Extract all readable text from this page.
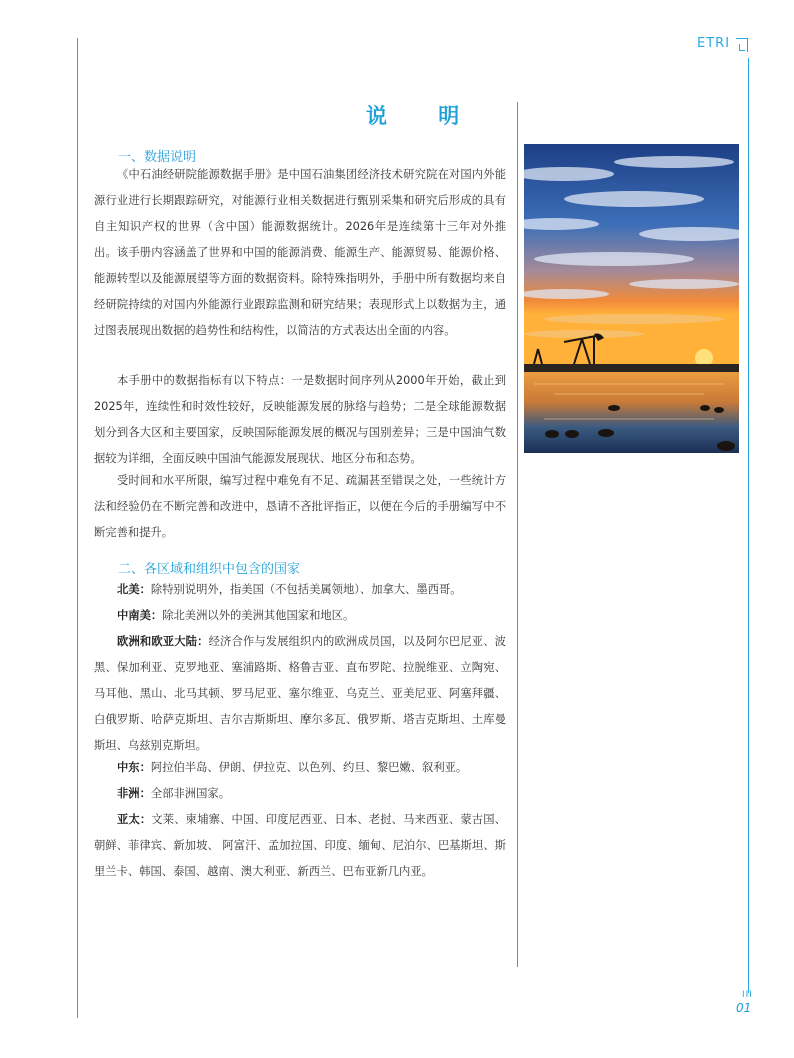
ETRI
说 明
一、数据说明
《中石油经研院能源数据手册》是中国石油集团经济技术研究院在对国内外能源行业进行长期跟踪研究，对能源行业相关数据进行甄别采集和研究后形成的具有自主知识产权的世界（含中国）能源数据统计。2026年是连续第十三年对外推出。该手册内容涵盖了世界和中国的能源消费、能源生产、能源贸易、能源价格、能源转型以及能源展望等方面的数据资料。除特殊指明外，手册中所有数据均来自经研院持续的对国内外能源行业跟踪监测和研究结果；表现形式上以数据为主，通过图表展现出数据的趋势性和结构性，以简洁的方式表达出全面的内容。
本手册中的数据指标有以下特点：一是数据时间序列从2000年开始，截止到2025年，连续性和时效性较好，反映能源发展的脉络与趋势；二是全球能源数据划分到各大区和主要国家，反映国际能源发展的概况与国别差异；三是中国油气数据较为详细，全面反映中国油气能源发展现状、地区分布和态势。
受时间和水平所限，编写过程中难免有不足、疏漏甚至错误之处，一些统计方法和经验仍在不断完善和改进中，恳请不吝批评指正，以便在今后的手册编写中不断完善和提升。
二、各区域和组织中包含的国家
北美：除特别说明外，指美国（不包括美属领地）、加拿大、墨西哥。
中南美：除北美洲以外的美洲其他国家和地区。
欧洲和欧亚大陆：经济合作与发展组织内的欧洲成员国，以及阿尔巴尼亚、波黑、保加利亚、克罗地亚、塞浦路斯、格鲁吉亚、直布罗陀、拉脱维亚、立陶宛、马耳他、黑山、北马其顿、罗马尼亚、塞尔维亚、乌克兰、亚美尼亚、阿塞拜疆、白俄罗斯、哈萨克斯坦、吉尔吉斯斯坦、摩尔多瓦、俄罗斯、塔吉克斯坦、土库曼斯坦、乌兹别克斯坦。
中东：阿拉伯半岛、伊朗、伊拉克、以色列、约旦、黎巴嫩、叙利亚。
非洲：全部非洲国家。
亚太：文莱、柬埔寨、中国、印度尼西亚、日本、老挝、马来西亚、蒙古国、朝鲜、菲律宾、新加坡、 阿富汗、孟加拉国、印度、缅甸、尼泊尔、巴基斯坦、斯里兰卡、韩国、泰国、越南、澳大利亚、新西兰、巴布亚新几内亚。
III
01
